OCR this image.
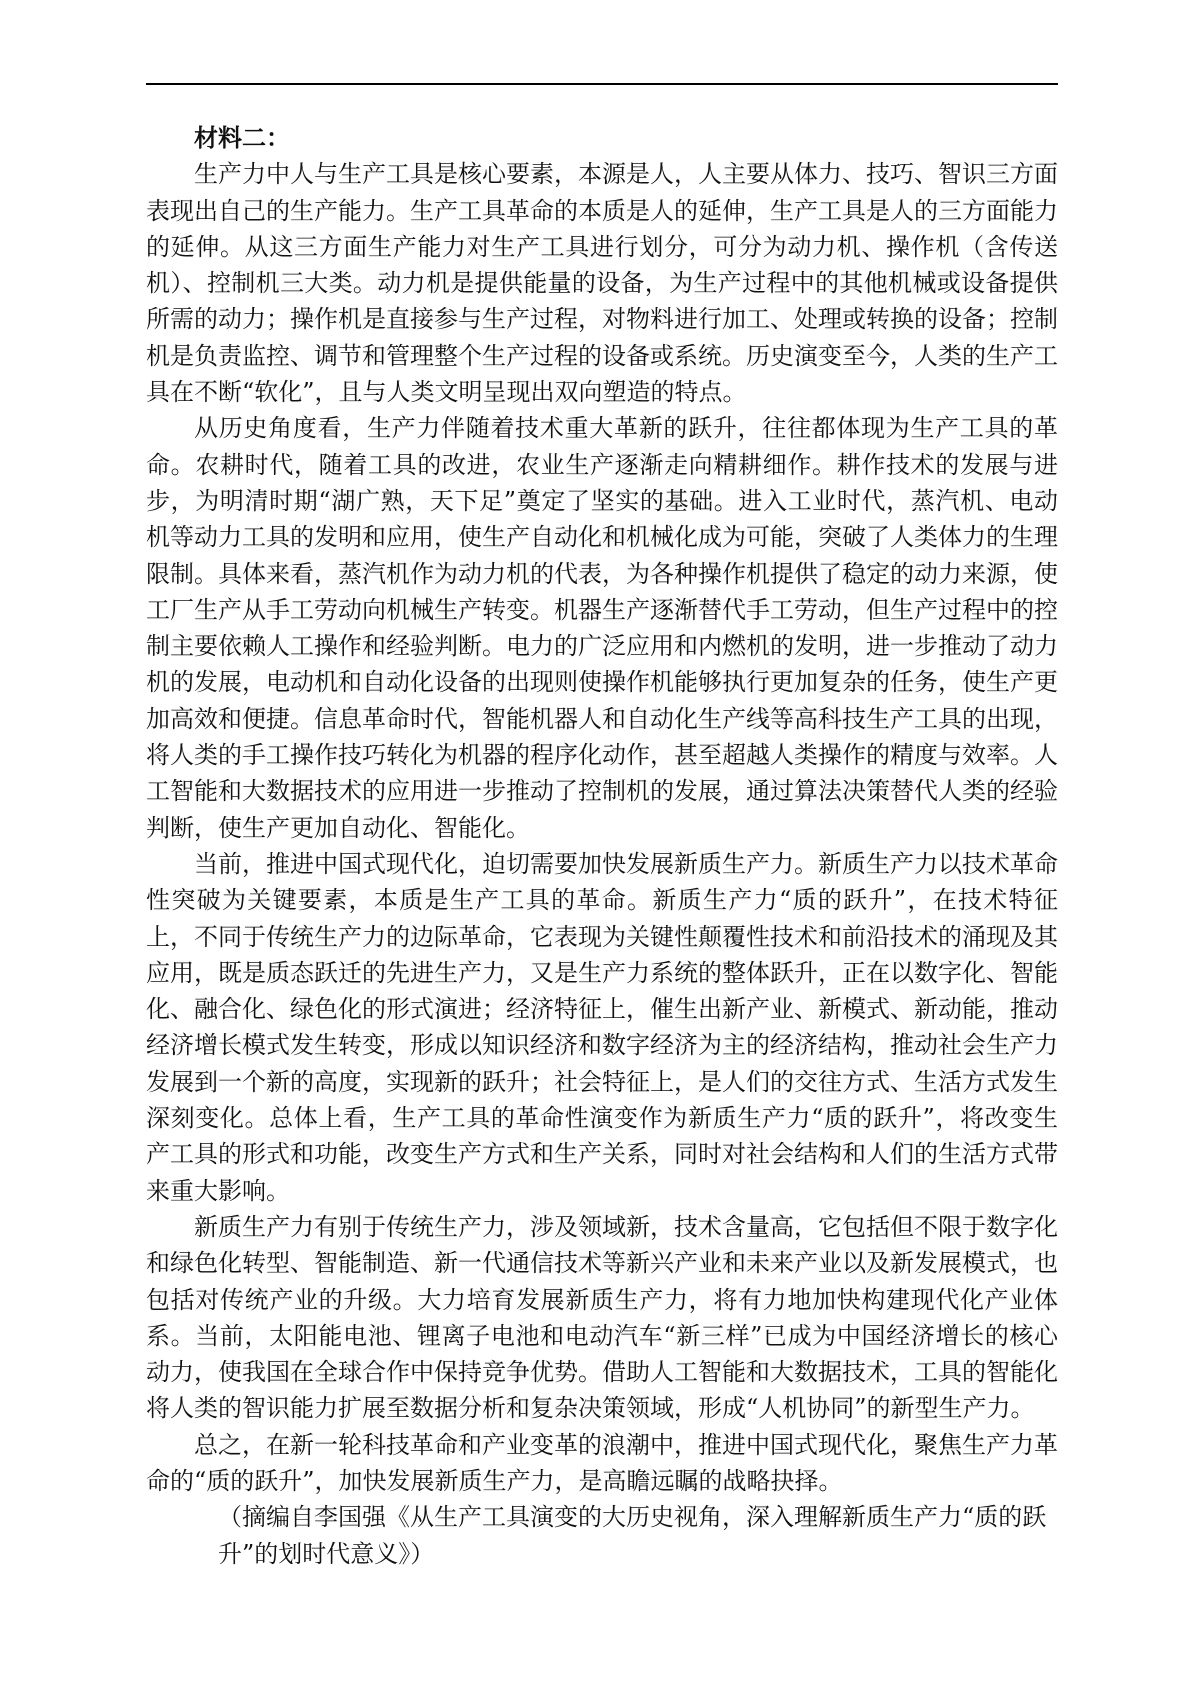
材料二：

生产力中人与生产工具是核心要素，本源是人，人主要从体力、技巧、智识三方面表现出自己的生产能力。生产工具革命的本质是人的延伸，生产工具是人的三方面能力的延伸。从这三方面生产能力对生产工具进行划分，可分为动力机、操作机（含传送机）、控制机三大类。动力机是提供能量的设备，为生产过程中的其他机械或设备提供所需的动力；操作机是直接参与生产过程，对物料进行加工、处理或转换的设备；控制机是负责监控、调节和管理整个生产过程的设备或系统。历史演变至今，人类的生产工具在不断“软化”，且与人类文明呈现出双向塑造的特点。

从历史角度看，生产力伴随着技术重大革新的跃升，往往都体现为生产工具的革命。农耕时代，随着工具的改进，农业生产逐渐走向精耕细作。耕作技术的发展与进步，为明清时期“湖广熟，天下足”奠定了坚实的基础。进入工业时代，蒸汽机、电动机等动力工具的发明和应用，使生产自动化和机械化成为可能，突破了人类体力的生理限制。具体来看，蒸汽机作为动力机的代表，为各种操作机提供了稳定的动力来源，使工厂生产从手工劳动向机械生产转变。机器生产逐渐替代手工劳动，但生产过程中的控制主要依赖人工操作和经验判断。电力的广泛应用和内燃机的发明，进一步推动了动力机的发展，电动机和自动化设备的出现则使操作机能够执行更加复杂的任务，使生产更加高效和便捷。信息革命时代，智能机器人和自动化生产线等高科技生产工具的出现，将人类的手工操作技巧转化为机器的程序化动作，甚至超越人类操作的精度与效率。人工智能和大数据技术的应用进一步推动了控制机的发展，通过算法决策替代人类的经验判断，使生产更加自动化、智能化。

当前，推进中国式现代化，迫切需要加快发展新质生产力。新质生产力以技术革命性突破为关键要素，本质是生产工具的革命。新质生产力“质的跃升”，在技术特征上，不同于传统生产力的边际革命，它表现为关键性颠覆性技术和前沿技术的涌现及其应用，既是质态跃迁的先进生产力，又是生产力系统的整体跃升，正在以数字化、智能化、融合化、绿色化的形式演进；经济特征上，催生出新产业、新模式、新动能，推动经济增长模式发生转变，形成以知识经济和数字经济为主的经济结构，推动社会生产力发展到一个新的高度，实现新的跃升；社会特征上，是人们的交往方式、生活方式发生深刻变化。总体上看，生产工具的革命性演变作为新质生产力“质的跃升”，将改变生产工具的形式和功能，改变生产方式和生产关系，同时对社会结构和人们的生活方式带来重大影响。

新质生产力有别于传统生产力，涉及领域新，技术含量高，它包括但不限于数字化和绿色化转型、智能制造、新一代通信技术等新兴产业和未来产业以及新发展模式，也包括对传统产业的升级。大力培育发展新质生产力，将有力地加快构建现代化产业体系。当前，太阳能电池、锂离子电池和电动汽车“新三样”已成为中国经济增长的核心动力，使我国在全球合作中保持竞争优势。借助人工智能和大数据技术，工具的智能化将人类的智识能力扩展至数据分析和复杂决策领域，形成“人机协同”的新型生产力。

总之，在新一轮科技革命和产业变革的浪潮中，推进中国式现代化，聚焦生产力革命的“质的跃升”，加快发展新质生产力，是高瞻远瞩的战略抉择。

（摘编自李国强《从生产工具演变的大历史视角，深入理解新质生产力“质的跃升”的划时代意义》）
